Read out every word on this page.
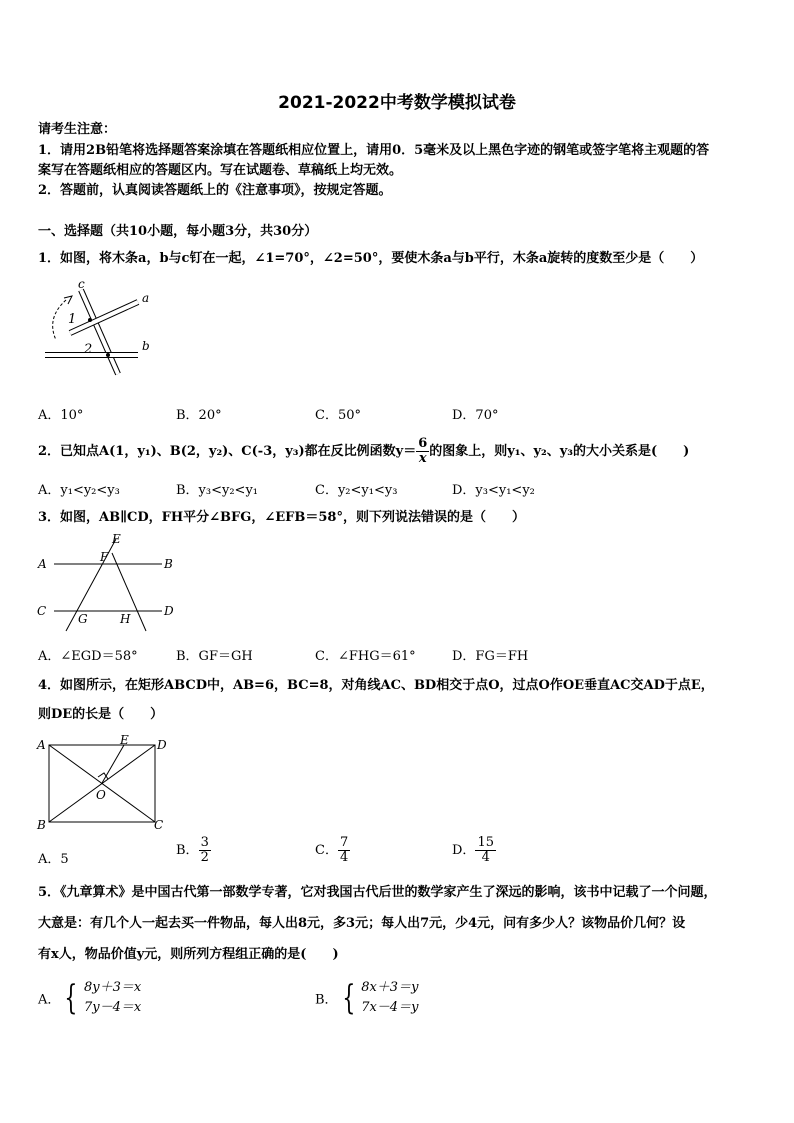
2021-2022中考数学模拟试卷
请考生注意：
1．请用2B铅笔将选择题答案涂填在答题纸相应位置上，请用0．5毫米及以上黑色字迹的钢笔或签字笔将主观题的答
案写在答题纸相应的答题区内。写在试题卷、草稿纸上均无效。
2．答题前，认真阅读答题纸上的《注意事项》，按规定答题。
一、选择题（共10小题，每小题3分，共30分）
1．如图，将木条a，b与c钉在一起，∠1=70°，∠2=50°，要使木条a与b平行，木条a旋转的度数至少是（　　）
c
a
b
1
2
A．10°	B．20°	C．50°	D．70°
2．已知点A(1，y₁)、B(2，y₂)、C(-3，y₃)都在反比例函数$y= \frac{6}{x}$ 的图象上，则y₁、y₂、y₃的大小关系是(　　)
A．y₁<y₂<y₃	B．y₃<y₂<y₁	C．y₂<y₁<y₃	D．y₃<y₁<y₂
3．如图，AB∥CD，FH平分∠BFG，∠EFB＝58°，则下列说法错误的是（　　）
E
F
A	B
C	D
G	H
A．∠EGD＝58°	B．GF＝GH	C．∠FHG＝61°	D．FG＝FH
4．如图所示，在矩形ABCD中，AB=6，BC=8，对角线AC、BD相交于点O，过点O作OE垂直AC交AD于点E，
则DE的长是（　　）
A	E D
O
B	C
A．5
B． $\frac{3}{2}$	C． $\frac{7}{4}$	D． $\frac{15}{4}$
5．《九章算术》是中国古代第一部数学专著，它对我国古代后世的数学家产生了深远的影响，该书中记载了一个问题，
大意是：有几个人一起去买一件物品，每人出8元，多3元；每人出7元，少4元，问有多少人？该物品价几何？设
有x人，物品价值y元，则所列方程组正确的是(　　)
A． { 8y＋3＝x
7y－4＝x	B． { 8x＋3＝y
7x－4＝y
